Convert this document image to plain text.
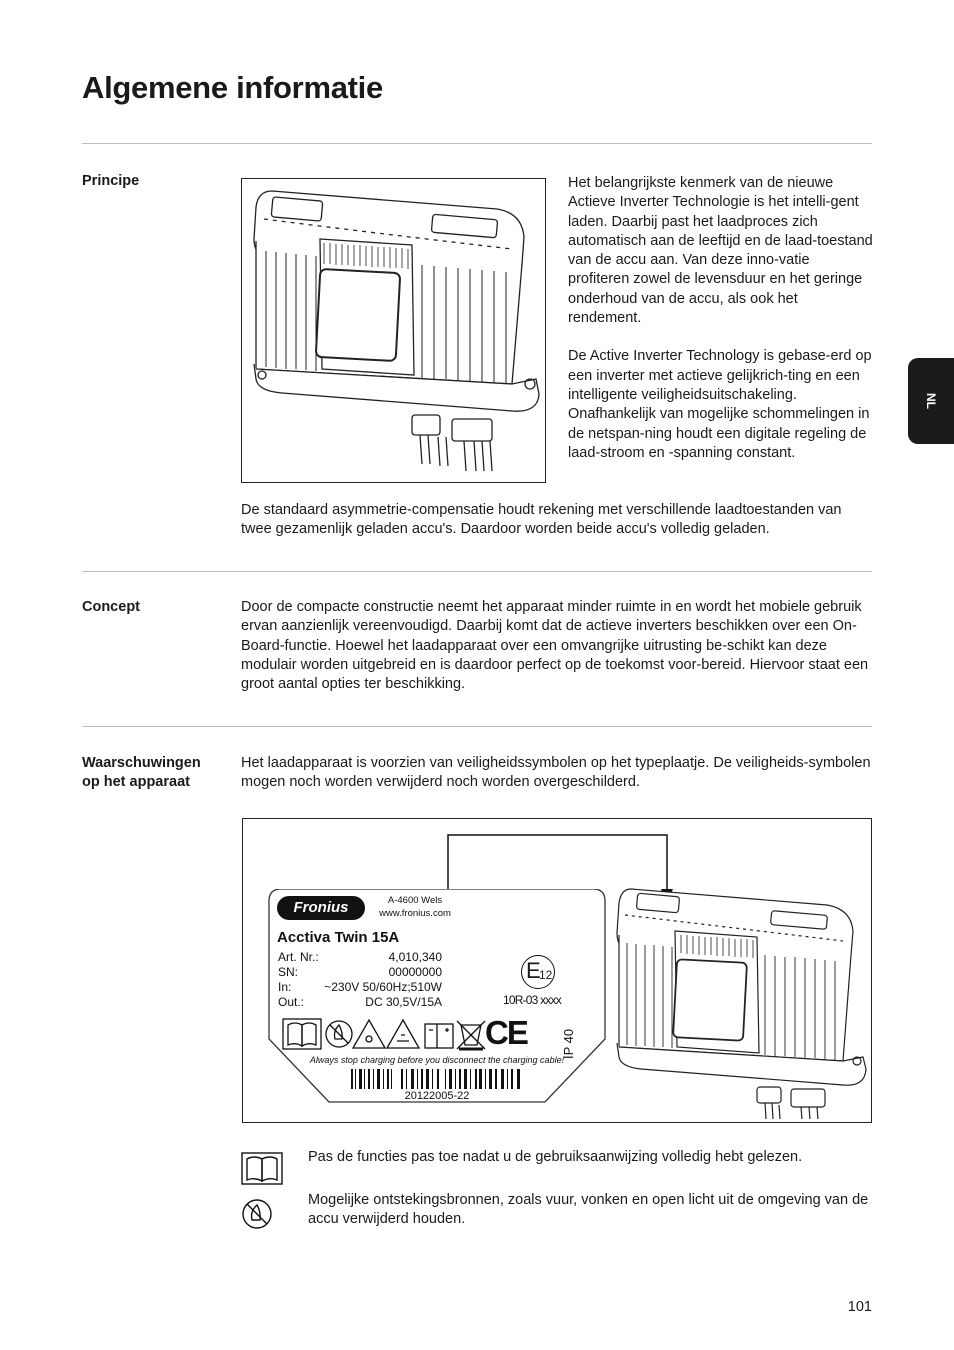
Algemene informatie
NL
Principe	Het belangrijkste kenmerk van de nieuwe Actieve Inverter Technologie is het intelli-gent laden. Daarbij past het laadproces zich automatisch aan de leeftijd en de laad-toestand van de accu aan. Van deze inno-vatie profiteren zowel de levensduur en het geringe onderhoud van de accu, als ook het rendement.

De Active Inverter Technology is gebase-erd op een inverter met actieve gelijkrich-ting en een intelligente veiligheidsuitschakeling. Onafhankelijk van mogelijke schommelingen in de netspan-ning houdt een digitale regeling de laad-stroom en -spanning constant.

De standaard asymmetrie-compensatie houdt rekening met verschillende laadtoestanden van twee gezamenlijk geladen accu's. Daardoor worden beide accu's volledig geladen.

Concept	Door de compacte constructie neemt het apparaat minder ruimte in en wordt het mobiele gebruik ervan aanzienlijk vereenvoudigd. Daarbij komt dat de actieve inverters beschikken over een On-Board-functie. Hoewel het laadapparaat over een omvangrijke uitrusting be-schikt kan deze modulair worden uitgebreid en is daardoor perfect op de toekomst voor-bereid. Hiervoor staat een groot aantal opties ter beschikking.

Waarschuwingen
op het apparaat

Het laadapparaat is voorzien van veiligheidssymbolen op het typeplaatje. De veiligheids-symbolen mogen noch worden verwijderd noch worden overgeschilderd.

Fronius	A-4600 Wels
www.fronius.com
Acctiva Twin 15A
Art. Nr.:	4,010,340
SN:	00000000
In:	~230V 50/60Hz;510W
Out.:	DC 30,5V/15A
E
12
10R-03 xxxx
CE	IP 40
Always stop charging before you disconnect the charging cable!
20122005-22

Pas de functies pas toe nadat u de gebruiksaanwijzing volledig hebt gelezen.

Mogelijke ontstekingsbronnen, zoals vuur, vonken en open licht uit de omgeving van de accu verwijderd houden.

101
